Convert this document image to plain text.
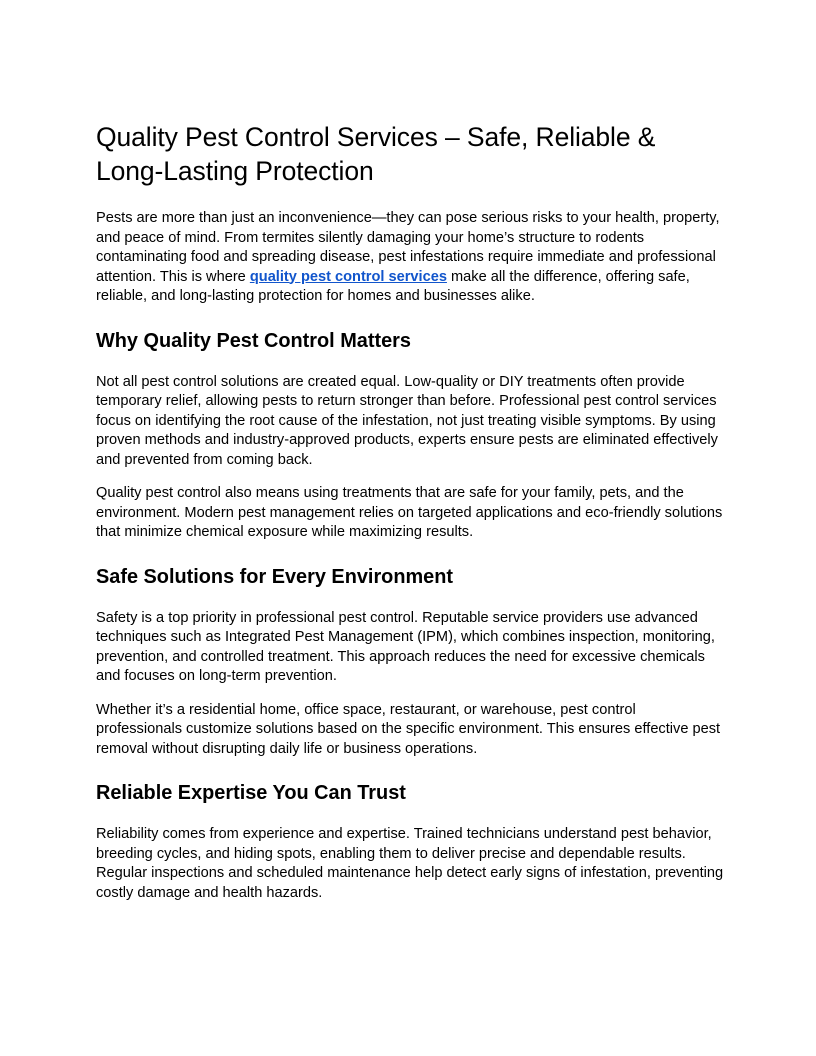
Quality Pest Control Services – Safe, Reliable & Long-Lasting Protection

Pests are more than just an inconvenience—they can pose serious risks to your health, property, and peace of mind. From termites silently damaging your home’s structure to rodents contaminating food and spreading disease, pest infestations require immediate and professional attention. This is where quality pest control services make all the difference, offering safe, reliable, and long-lasting protection for homes and businesses alike.

Why Quality Pest Control Matters

Not all pest control solutions are created equal. Low-quality or DIY treatments often provide temporary relief, allowing pests to return stronger than before. Professional pest control services focus on identifying the root cause of the infestation, not just treating visible symptoms. By using proven methods and industry-approved products, experts ensure pests are eliminated effectively and prevented from coming back.

Quality pest control also means using treatments that are safe for your family, pets, and the environment. Modern pest management relies on targeted applications and eco-friendly solutions that minimize chemical exposure while maximizing results.

Safe Solutions for Every Environment

Safety is a top priority in professional pest control. Reputable service providers use advanced techniques such as Integrated Pest Management (IPM), which combines inspection, monitoring, prevention, and controlled treatment. This approach reduces the need for excessive chemicals and focuses on long-term prevention.

Whether it’s a residential home, office space, restaurant, or warehouse, pest control professionals customize solutions based on the specific environment. This ensures effective pest removal without disrupting daily life or business operations.

Reliable Expertise You Can Trust

Reliability comes from experience and expertise. Trained technicians understand pest behavior, breeding cycles, and hiding spots, enabling them to deliver precise and dependable results. Regular inspections and scheduled maintenance help detect early signs of infestation, preventing costly damage and health hazards.
